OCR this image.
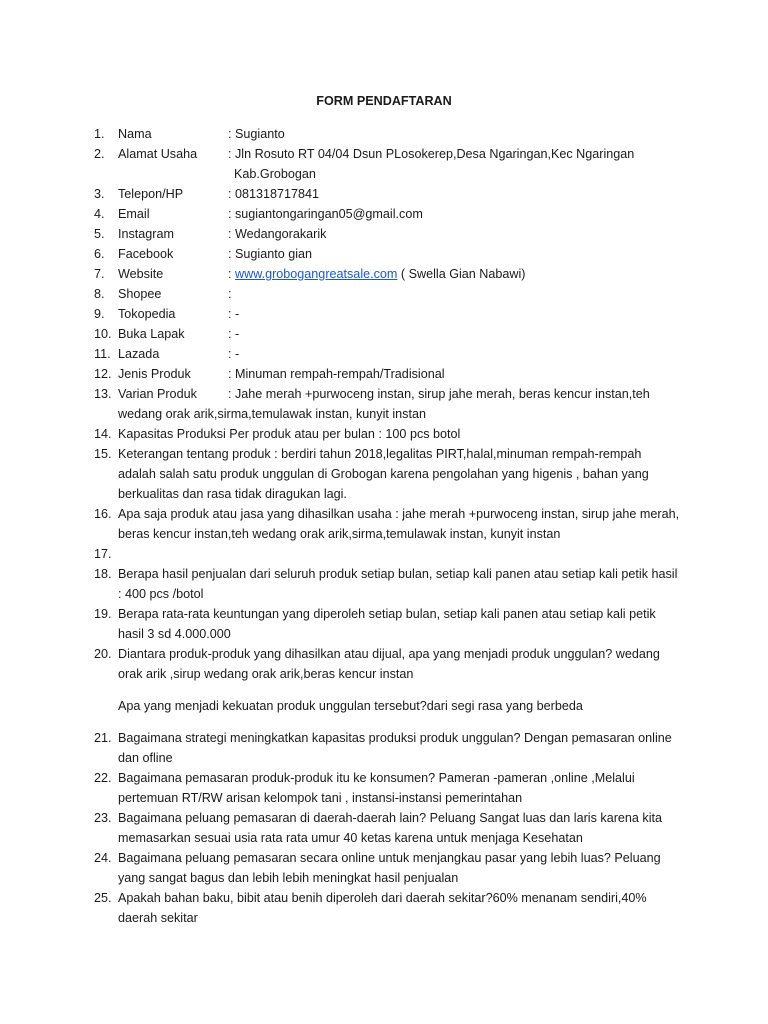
FORM PENDAFTARAN
1. Nama	: Sugianto
2. Alamat Usaha	: Jln Rosuto RT 04/04 Dsun PLosokerep,Desa Ngaringan,Kec Ngaringan
Kab.Grobogan
3. Telepon/HP	: 081318717841
4. Email	: sugiantongaringan05@gmail.com
5. Instagram	: Wedangorakarik
6. Facebook	: Sugianto gian
7. Website	: www.grobogangreatsale.com ( Swella Gian Nabawi)
8. Shopee	:
9. Tokopedia	: -
10. Buka Lapak	: -
11. Lazada	: -
12. Jenis Produk	: Minuman rempah-rempah/Tradisional
13. Varian Produk	: Jahe merah +purwoceng instan, sirup jahe merah, beras kencur instan,teh
wedang orak arik,sirma,temulawak instan, kunyit instan
14. Kapasitas Produksi Per produk atau per bulan : 100 pcs botol
15. Keterangan tentang produk : berdiri tahun 2018,legalitas PIRT,halal,minuman rempah-rempah
adalah salah satu produk unggulan di Grobogan karena pengolahan yang higenis , bahan yang
berkualitas dan rasa tidak diragukan lagi.
16. Apa saja produk atau jasa yang dihasilkan usaha : jahe merah +purwoceng instan, sirup jahe merah,
beras kencur instan,teh wedang orak arik,sirma,temulawak instan, kunyit instan
17.

18. Berapa hasil penjualan dari seluruh produk setiap bulan, setiap kali panen atau setiap kali petik hasil
: 400 pcs /botol
19. Berapa rata-rata keuntungan yang diperoleh setiap bulan, setiap kali panen atau setiap kali petik
hasil 3 sd 4.000.000
20. Diantara produk-produk yang dihasilkan atau dijual, apa yang menjadi produk unggulan? wedang
orak arik ,sirup wedang orak arik,beras kencur instan
Apa yang menjadi kekuatan produk unggulan tersebut?dari segi rasa yang berbeda
21. Bagaimana strategi meningkatkan kapasitas produksi produk unggulan? Dengan pemasaran online
dan ofline
22. Bagaimana pemasaran produk-produk itu ke konsumen? Pameran -pameran ,online ,Melalui
pertemuan RT/RW arisan kelompok tani , instansi-instansi pemerintahan
23. Bagaimana peluang pemasaran di daerah-daerah lain? Peluang Sangat luas dan laris karena kita
memasarkan sesuai usia rata rata umur 40 ketas karena untuk menjaga Kesehatan
24. Bagaimana peluang pemasaran secara online untuk menjangkau pasar yang lebih luas? Peluang
yang sangat bagus dan lebih lebih meningkat hasil penjualan
25. Apakah bahan baku, bibit atau benih diperoleh dari daerah sekitar?60% menanam sendiri,40%
daerah sekitar
